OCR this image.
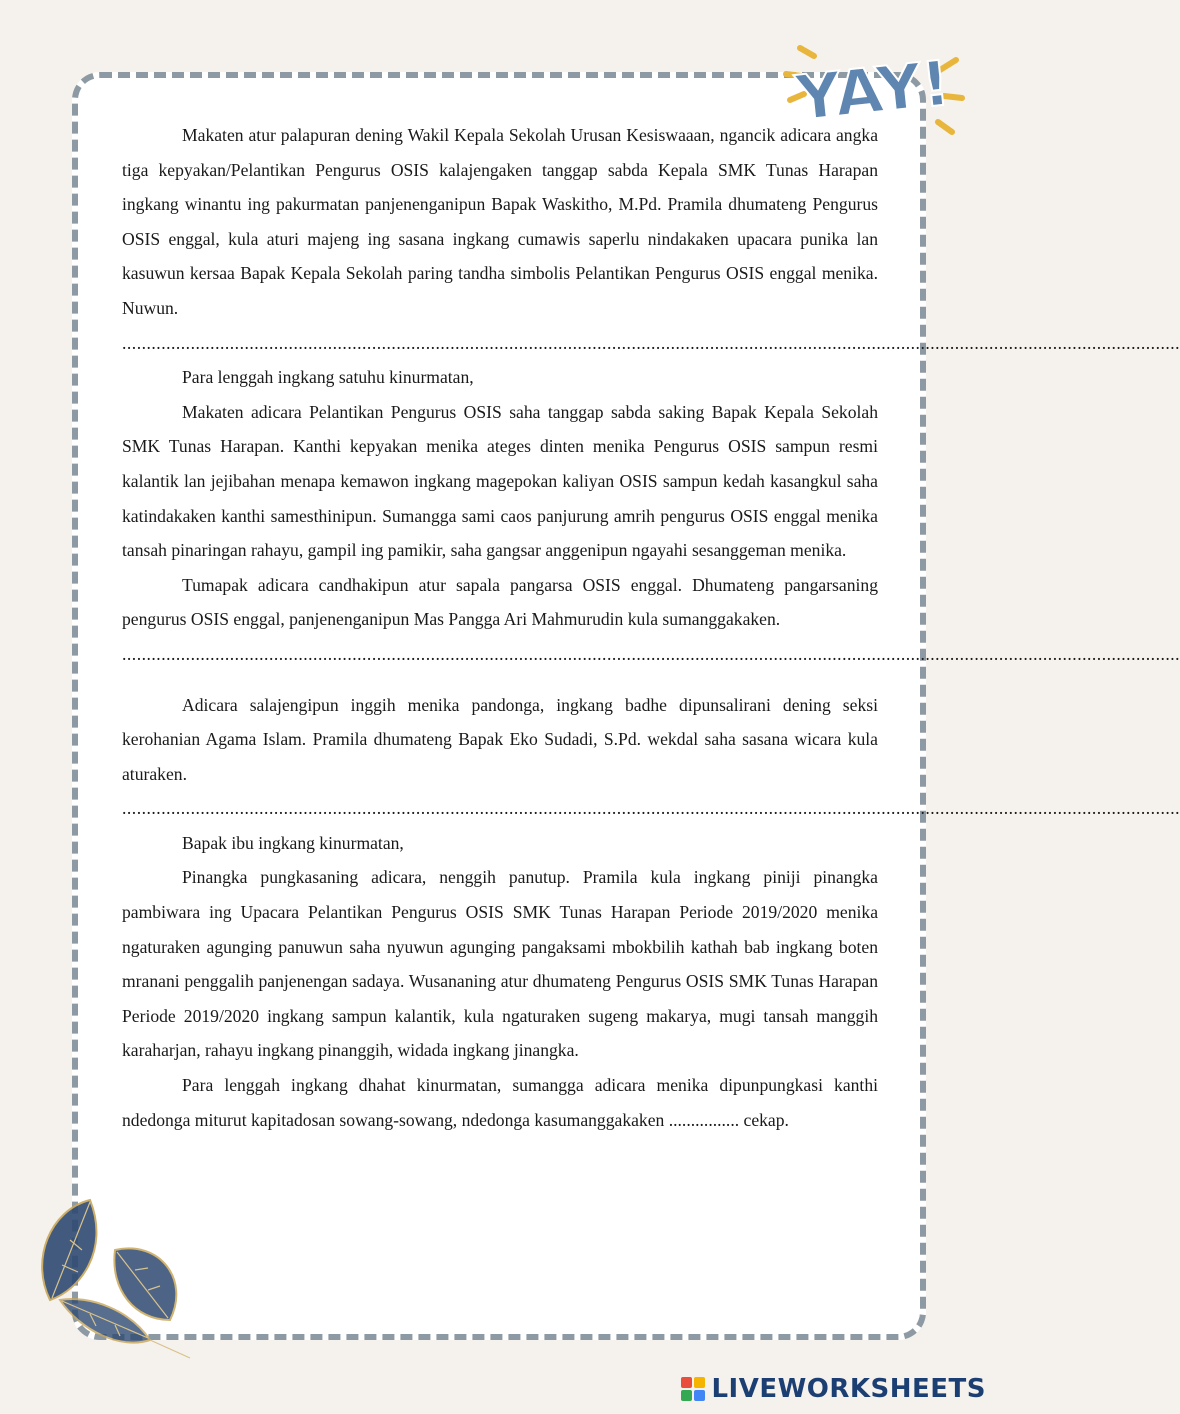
YAY!

Makaten atur palapuran dening Wakil Kepala Sekolah Urusan Kesiswaaan, ngancik adicara angka tiga kepyakan/Pelantikan Pengurus OSIS kalajengaken tanggap sabda Kepala SMK Tunas Harapan ingkang winantu ing pakurmatan panjenenganipun Bapak Waskitho, M.Pd. Pramila dhumateng Pengurus OSIS enggal, kula aturi majeng ing sasana ingkang cumawis saperlu nindakaken upacara punika lan kasuwun kersaa Bapak Kepala Sekolah paring tandha simbolis Pelantikan Pengurus OSIS enggal menika. Nuwun.

........................................................................................................................................................................................................................

Para lenggah ingkang satuhu kinurmatan,

Makaten adicara Pelantikan Pengurus OSIS saha tanggap sabda saking Bapak Kepala Sekolah SMK Tunas Harapan. Kanthi kepyakan menika ateges dinten menika Pengurus OSIS sampun resmi kalantik lan jejibahan menapa kemawon ingkang magepokan kaliyan OSIS sampun kedah kasangkul saha katindakaken kanthi samesthinipun. Sumangga sami caos panjurung amrih pengurus OSIS enggal menika tansah pinaringan rahayu, gampil ing pamikir, saha gangsar anggenipun ngayahi sesanggeman menika.

Tumapak adicara candhakipun atur sapala pangarsa OSIS enggal. Dhumateng pangarsaning pengurus OSIS enggal, panjenenganipun Mas Pangga Ari Mahmurudin kula sumanggakaken.

........................................................................................................................................................................................................................

Adicara salajengipun inggih menika pandonga, ingkang badhe dipunsalirani dening seksi kerohanian Agama Islam. Pramila dhumateng Bapak Eko Sudadi, S.Pd. wekdal saha sasana wicara kula aturaken.

........................................................................................................................................................................................................................

Bapak ibu ingkang kinurmatan,

Pinangka pungkasaning adicara, nenggih panutup. Pramila kula ingkang piniji pinangka pambiwara ing Upacara Pelantikan Pengurus OSIS SMK Tunas Harapan Periode 2019/2020 menika ngaturaken agunging panuwun saha nyuwun agunging pangaksami mbokbilih kathah bab ingkang boten mranani penggalih panjenengan sadaya. Wusananing atur dhumateng Pengurus OSIS SMK Tunas Harapan Periode 2019/2020 ingkang sampun kalantik, kula ngaturaken sugeng makarya, mugi tansah manggih karaharjan, rahayu ingkang pinanggih, widada ingkang jinangka.

Para lenggah ingkang dhahat kinurmatan, sumangga adicara menika dipunpungkasi kanthi ndedonga miturut kapitadosan sowang-sowang, ndedonga kasumanggakaken ................ cekap.

LIVEWORKSHEETS
